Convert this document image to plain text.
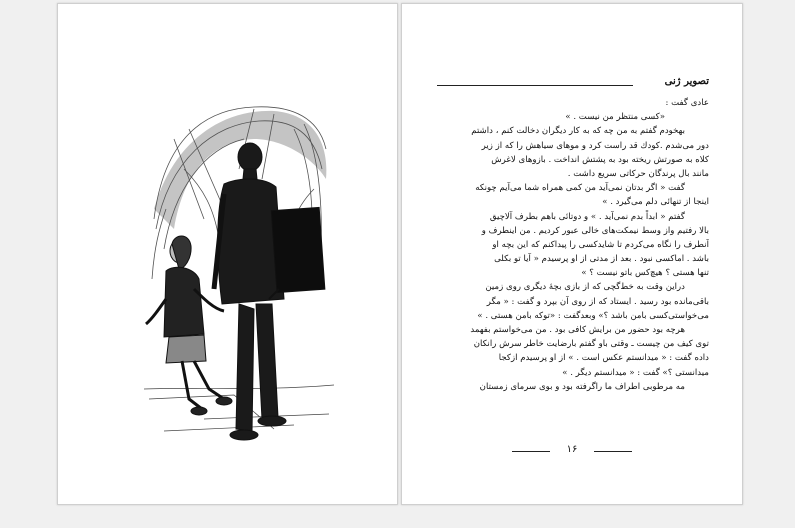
تصویر ژنی
عادی گفت :
«کسی منتظر من نیست . »
بهخودم گفتم به من چه که به کار دیگران دخالت کنم ، داشتم
دور می‌شدم .کودك قد راست کرد و موهای سیاهش را که از زیر
کلاه به صورتش ریخته بود به پشتش انداخت . بازوهای لاغرش
مانند بال پرندگان حرکاتی سریع داشت .
گفت « اگر بدتان نمی‌آید من کمی همراه شما می‌آیم چونکه
اینجا از تنهائی دلم می‌گیرد . »
گفتم « ابداً بدم نمی‌آید . » و دوتائی باهم بطرف آلاچیق
بالا رفتیم واز وسط نیمکت‌های خالی عبور کردیم . من اینطرف و
آنطرف را نگاه می‌کردم تا شایدکسی را پیداکنم که این بچه او
باشد . اماکسی نبود . بعد از مدتی از او پرسیدم « آیا تو بکلی
تنها هستی ؟ هیچ‌کس باتو نیست ؟ »
دراین وقت به خط‌گچی که از بازی بچهٔ دیگری روی زمین
باقی‌مانده بود رسید . ایستاد که از روی آن بپرد و گفت : « مگر
می‌خواستی‌کسی بامن باشد ؟» وبعدگفت : «توکه بامن هستی . »
هرچه بود حضور من برایش کافی بود . من می‌خواستم بفهمد
توی کیف من چیست ـ وقتی باو گفتم بارضایت خاطر سرش رانکان
داده گفت : « میدانستم عکس است . » از او پرسیدم ازکجا
میدانستی ؟» گفت : « میدانستم دیگر . »
مه مرطوبی اطراف ما راگرفته بود و بوی سرمای زمستان
۱۶
